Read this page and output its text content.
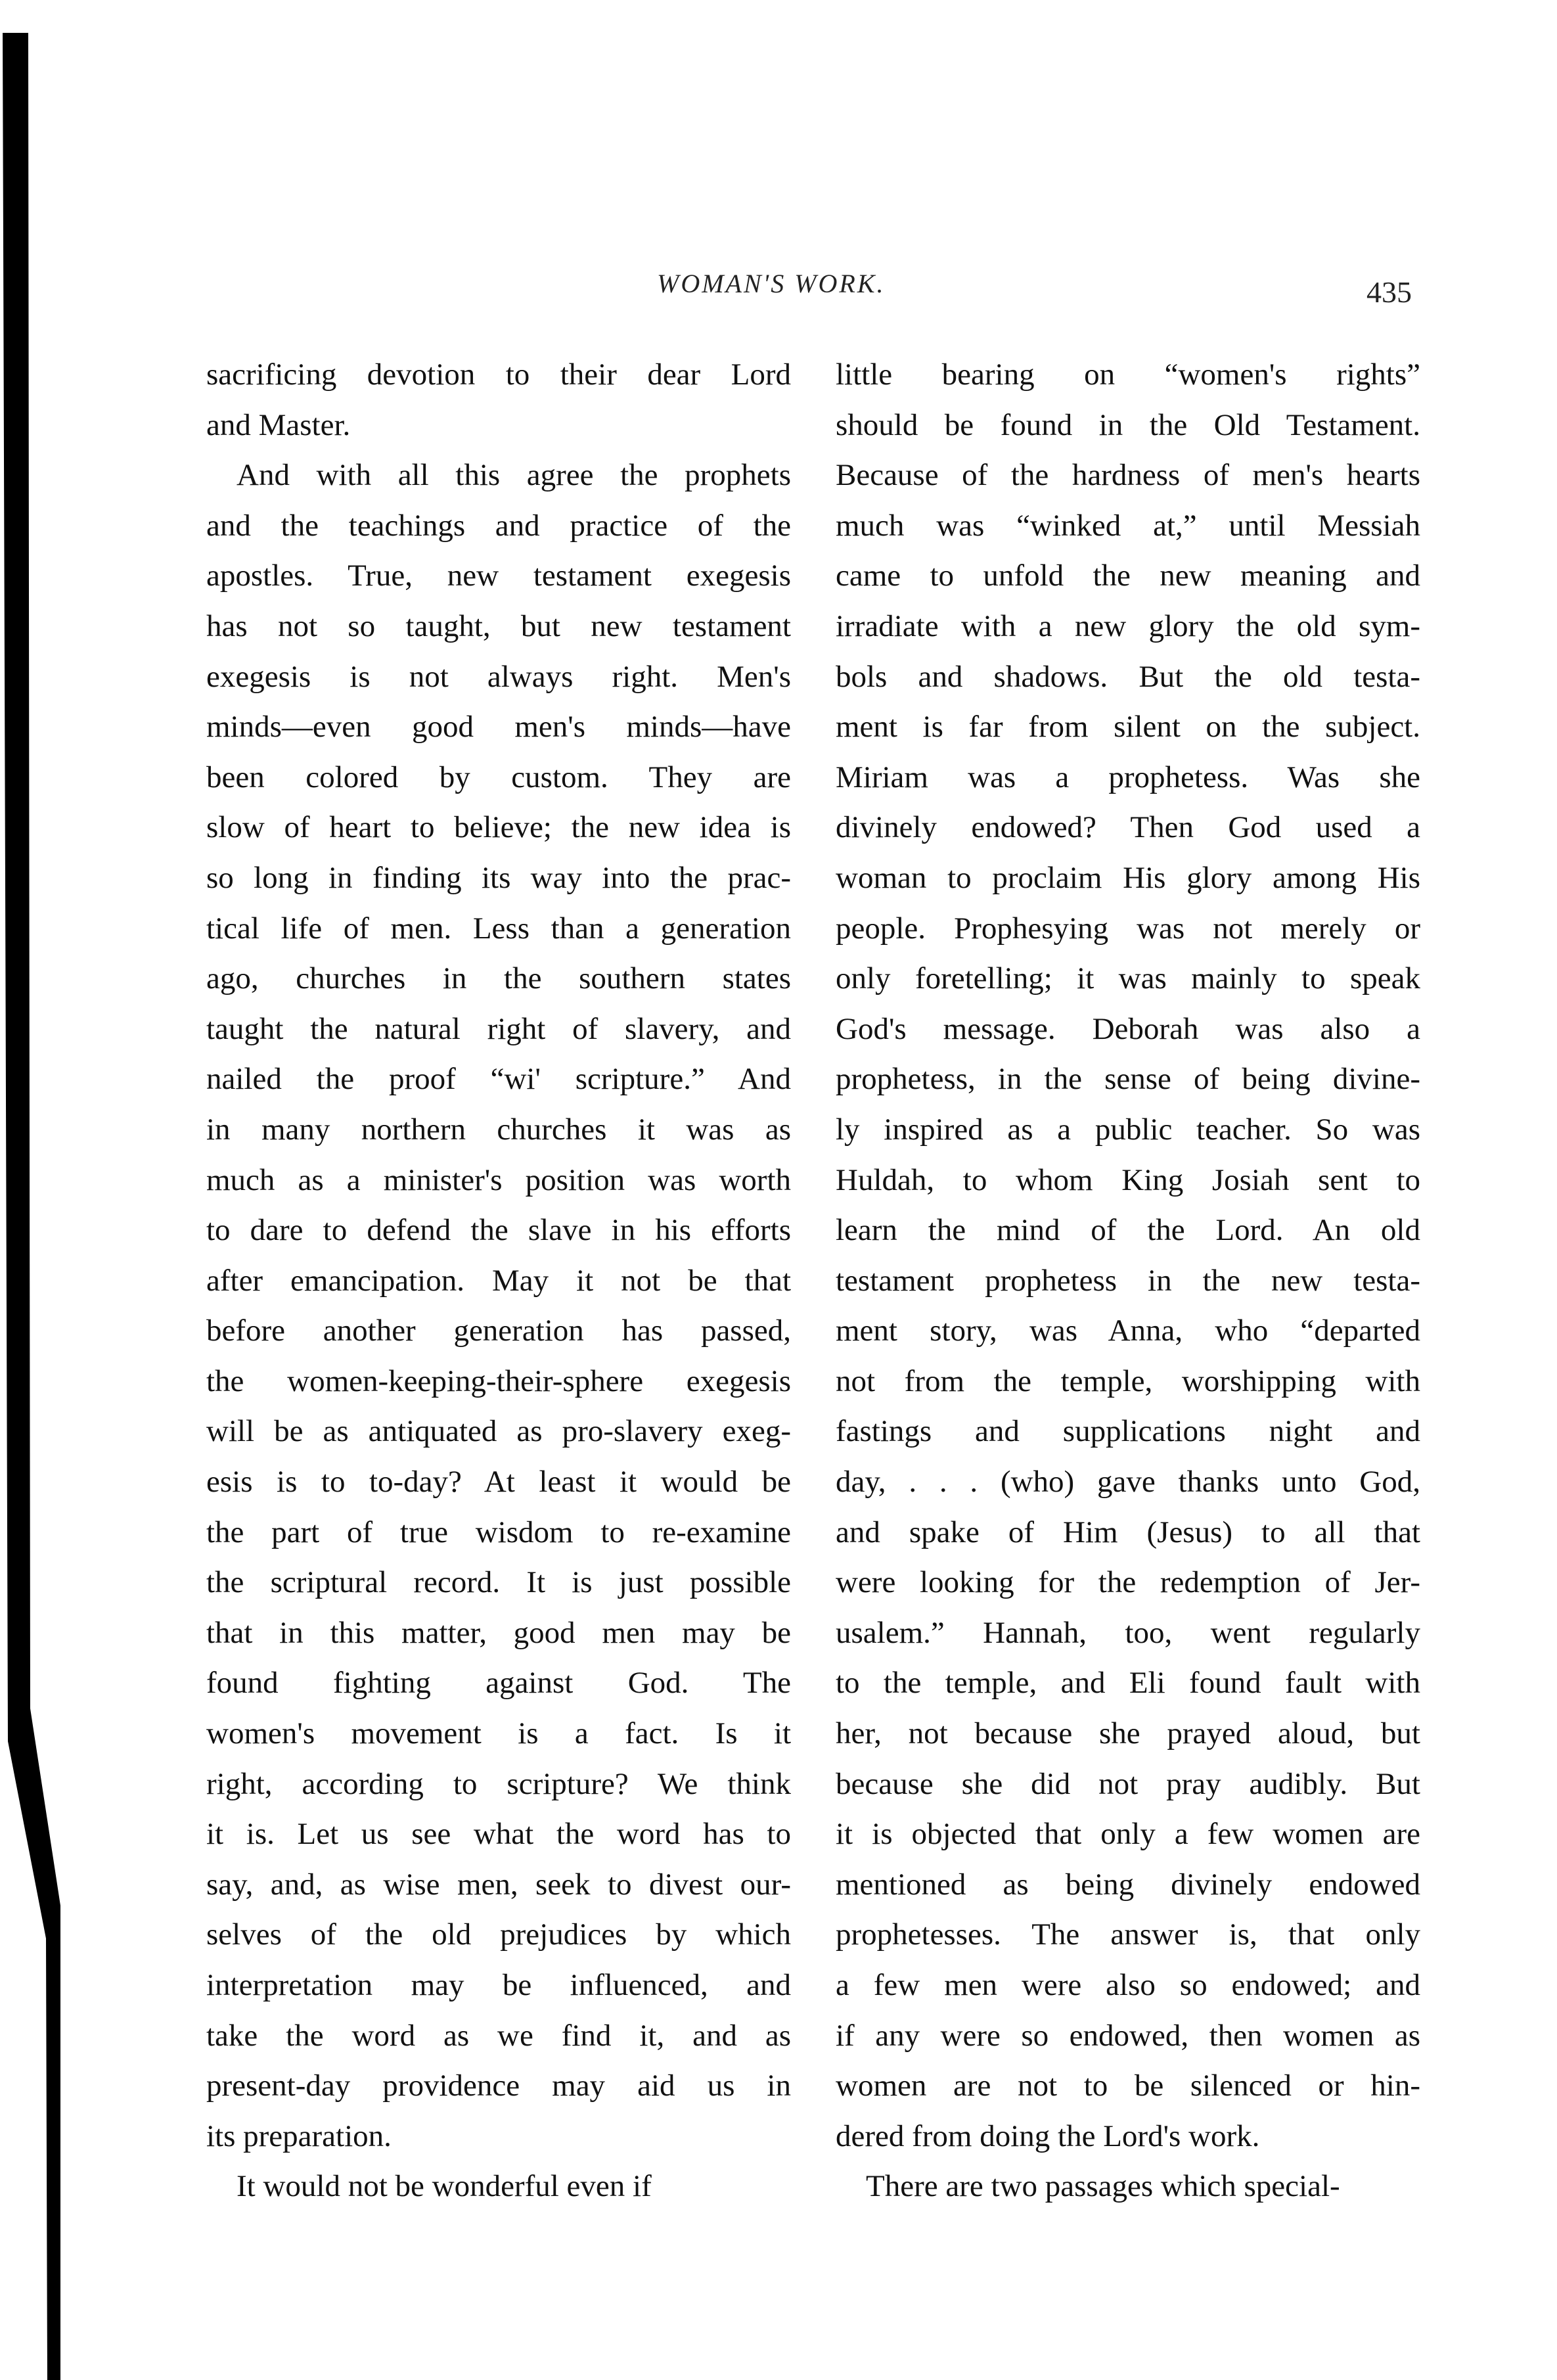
WOMAN'S WORK.	435
sacrificing devotion to their dear Lord
and Master.
And with all this agree the prophets
and the teachings and practice of the
apostles. True, new testament exegesis
has not so taught, but new testament
exegesis is not always right. Men's
minds—even good men's minds—have
been colored by custom. They are
slow of heart to believe; the new idea is
so long in finding its way into the prac-
tical life of men. Less than a generation
ago, churches in the southern states
taught the natural right of slavery, and
nailed the proof “wi' scripture.” And
in many northern churches it was as
much as a minister's position was worth
to dare to defend the slave in his efforts
after emancipation. May it not be that
before another generation has passed,
the women-keeping-their-sphere exegesis
will be as antiquated as pro-slavery exeg-
esis is to to-day? At least it would be
the part of true wisdom to re-examine
the scriptural record. It is just possible
that in this matter, good men may be
found fighting against God. The
women's movement is a fact. Is it
right, according to scripture? We think
it is. Let us see what the word has to
say, and, as wise men, seek to divest our-
selves of the old prejudices by which
interpretation may be influenced, and
take the word as we find it, and as
present-day providence may aid us in
its preparation.
It would not be wonderful even if
little bearing on “women's rights”
should be found in the Old Testament.
Because of the hardness of men's hearts
much was “winked at,” until Messiah
came to unfold the new meaning and
irradiate with a new glory the old sym-
bols and shadows. But the old testa-
ment is far from silent on the subject.
Miriam was a prophetess. Was she
divinely endowed? Then God used a
woman to proclaim His glory among His
people. Prophesying was not merely or
only foretelling; it was mainly to speak
God's message. Deborah was also a
prophetess, in the sense of being divine-
ly inspired as a public teacher. So was
Huldah, to whom King Josiah sent to
learn the mind of the Lord. An old
testament prophetess in the new testa-
ment story, was Anna, who “departed
not from the temple, worshipping with
fastings and supplications night and
day, . . . (who) gave thanks unto God,
and spake of Him (Jesus) to all that
were looking for the redemption of Jer-
usalem.” Hannah, too, went regularly
to the temple, and Eli found fault with
her, not because she prayed aloud, but
because she did not pray audibly. But
it is objected that only a few women are
mentioned as being divinely endowed
prophetesses. The answer is, that only
a few men were also so endowed; and
if any were so endowed, then women as
women are not to be silenced or hin-
dered from doing the Lord's work.
There are two passages which special-
